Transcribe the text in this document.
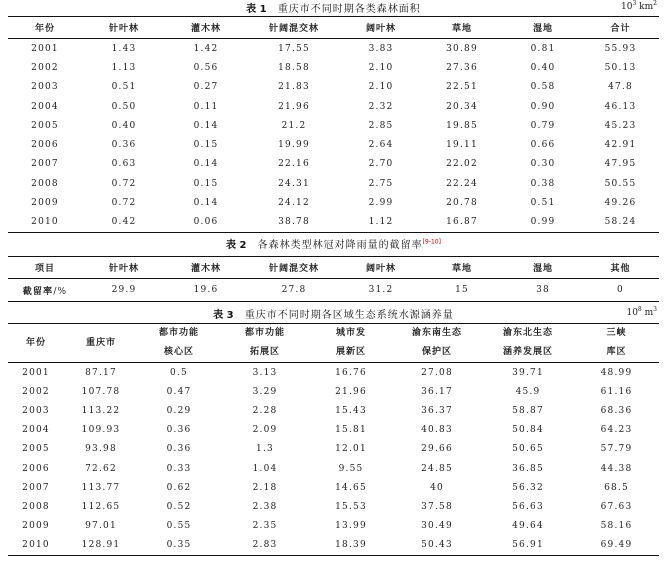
表 1 重庆市不同时期各类森林面积	$10^3$ $km^2$
年份	针叶林	灌木林	针阔混交林	阔叶林	草地	湿地	合计
2001	1.43	1.42	17.55	3.83	30.89	0.81	55.93
2002	1.13	0.56	18.58	2.10	27.36	0.40	50.13
2003	0.51	0.27	21.83	2.10	22.51	0.58	47.8
2004	0.50	0.11	21.96	2.32	20.34	0.90	46.13
2005	0.40	0.14	21.2	2.85	19.85	0.79	45.23
2006	0.36	0.15	19.99	2.64	19.11	0.66	42.91
2007	0.63	0.14	22.16	2.70	22.02	0.30	47.95
2008	0.72	0.15	24.31	2.75	22.24	0.38	50.55
2009	0.72	0.14	24.12	2.99	20.78	0.51	49.26
2010	0.42	0.06	38.78	1.12	16.87	0.99	58.24
表 2 各森林类型林冠对降雨量的截留率[9-10]
项目	针叶林	灌木林	针阔混交林	阔叶林	草地	湿地	其他
截留率/%	29.9	19.6	27.8	31.2	15	38	0
表 3 重庆市不同时期各区域生态系统水源涵养量	$10^8$ $m^3$
年份	重庆市	都市功能	都市功能	城市发	渝东南生态	渝东北生态	三峡
		核心区	拓展区	展新区	保护区	涵养发展区	库区
2001	87.17	0.5	3.13	16.76	27.08	39.71	48.99
2002	107.78	0.47	3.29	21.96	36.17	45.9	61.16
2003	113.22	0.29	2.28	15.43	36.37	58.87	68.36
2004	109.93	0.36	2.09	15.81	40.83	50.84	64.23
2005	93.98	0.36	1.3	12.01	29.66	50.65	57.79
2006	72.62	0.33	1.04	9.55	24.85	36.85	44.38
2007	113.77	0.62	2.18	14.65	40	56.32	68.5
2008	112.65	0.52	2.38	15.53	37.58	56.63	67.63
2009	97.01	0.55	2.35	13.99	30.49	49.64	58.16
2010	128.91	0.35	2.83	18.39	50.43	56.91	69.49
